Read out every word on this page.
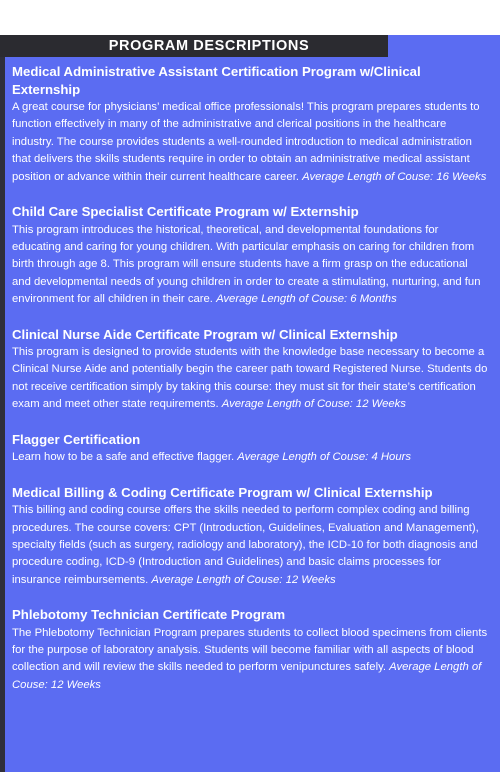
PROGRAM DESCRIPTIONS
Medical Administrative Assistant Certification Program w/Clinical Externship

A great course for physicians’ medical office professionals! This program prepares students to function effectively in many of the administrative and clerical positions in the healthcare industry. The course provides students a well-rounded introduction to medical administration that delivers the skills students require in order to obtain an administrative medical assistant position or advance within their current healthcare career. Average Length of Couse: 16 Weeks

Child Care Specialist Certificate Program w/ Externship

This program introduces the historical, theoretical, and developmental foundations for educating and caring for young children. With particular emphasis on caring for children from birth through age 8. This program will ensure students have a firm grasp on the educational and developmental needs of young children in order to create a stimulating, nurturing, and fun environment for all children in their care. Average Length of Couse: 6 Months

Clinical Nurse Aide Certificate Program w/ Clinical Externship

This program is designed to provide students with the knowledge base necessary to become a Clinical Nurse Aide and potentially begin the career path toward Registered Nurse. Students do not receive certification simply by taking this course: they must sit for their state’s certification exam and meet other state requirements. Average Length of Couse: 12 Weeks

Flagger Certification

Learn how to be a safe and effective flagger. Average Length of Couse: 4 Hours

Medical Billing & Coding Certificate Program w/ Clinical Externship

This billing and coding course offers the skills needed to perform complex coding and billing procedures. The course covers: CPT (Introduction, Guidelines, Evaluation and Management), specialty fields (such as surgery, radiology and laboratory), the ICD-10 for both diagnosis and procedure coding, ICD-9 (Introduction and Guidelines) and basic claims processes for insurance reimbursements. Average Length of Couse: 12 Weeks

Phlebotomy Technician Certificate Program

The Phlebotomy Technician Program prepares students to collect blood specimens from clients for the purpose of laboratory analysis. Students will become familiar with all aspects of blood collection and will review the skills needed to perform venipunctures safely. Average Length of Couse: 12 Weeks
